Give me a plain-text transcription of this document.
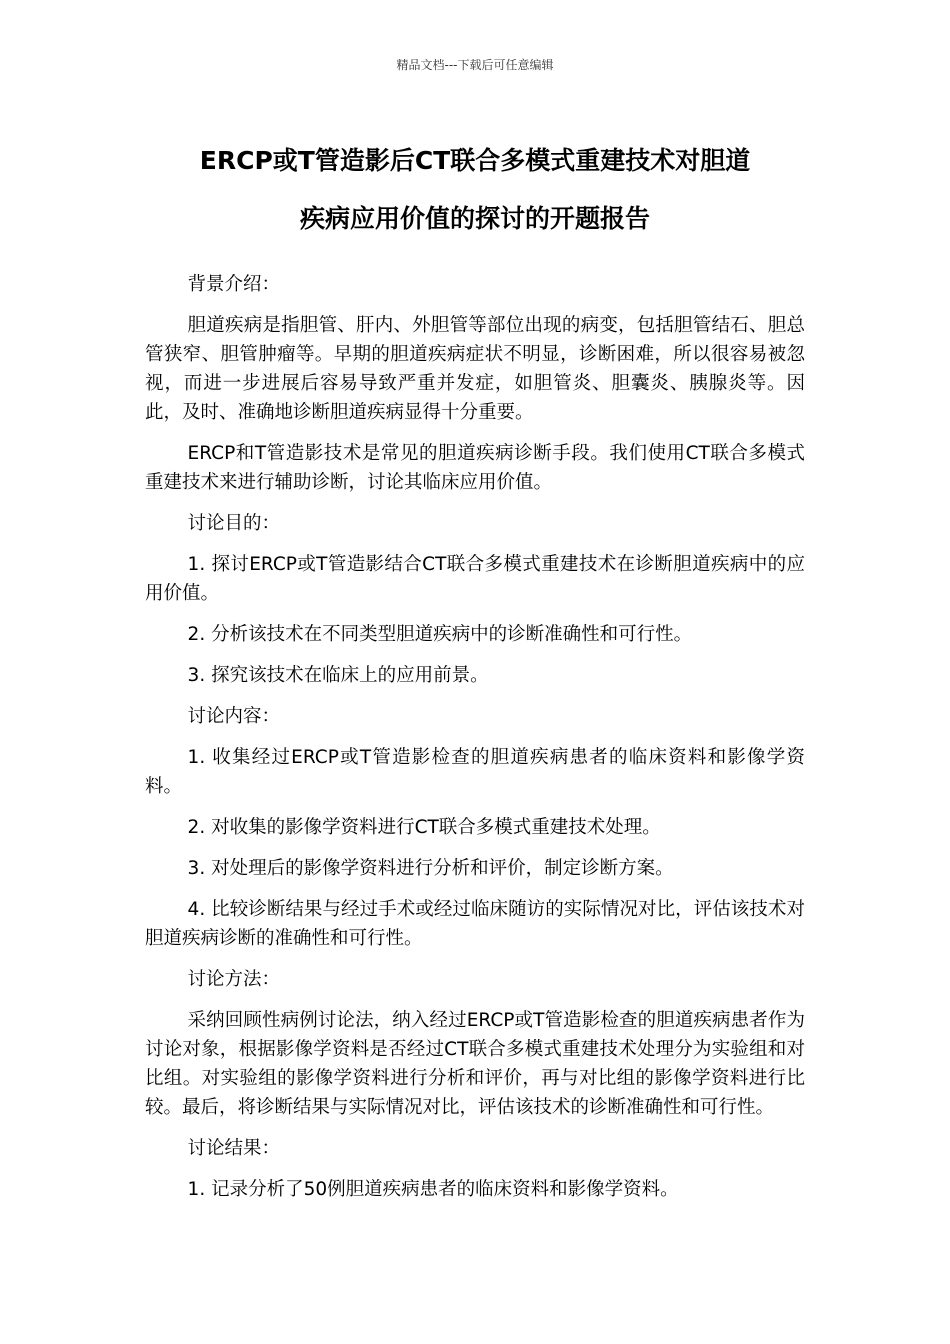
精品文档---下载后可任意编辑
ERCP或T管造影后CT联合多模式重建技术对胆道
疾病应用价值的探讨的开题报告

背景介绍：

胆道疾病是指胆管、肝内、外胆管等部位出现的病变，包括胆管结石、胆总管狭窄、胆管肿瘤等。早期的胆道疾病症状不明显，诊断困难，所以很容易被忽视，而进一步进展后容易导致严重并发症，如胆管炎、胆囊炎、胰腺炎等。因此，及时、准确地诊断胆道疾病显得十分重要。

ERCP和T管造影技术是常见的胆道疾病诊断手段。我们使用CT联合多模式重建技术来进行辅助诊断，讨论其临床应用价值。

讨论目的：

1. 探讨ERCP或T管造影结合CT联合多模式重建技术在诊断胆道疾病中的应用价值。

2. 分析该技术在不同类型胆道疾病中的诊断准确性和可行性。

3. 探究该技术在临床上的应用前景。

讨论内容：

1. 收集经过ERCP或T管造影检查的胆道疾病患者的临床资料和影像学资料。

2. 对收集的影像学资料进行CT联合多模式重建技术处理。

3. 对处理后的影像学资料进行分析和评价，制定诊断方案。

4. 比较诊断结果与经过手术或经过临床随访的实际情况对比，评估该技术对胆道疾病诊断的准确性和可行性。

讨论方法：

采纳回顾性病例讨论法，纳入经过ERCP或T管造影检查的胆道疾病患者作为讨论对象，根据影像学资料是否经过CT联合多模式重建技术处理分为实验组和对比组。对实验组的影像学资料进行分析和评价，再与对比组的影像学资料进行比较。最后，将诊断结果与实际情况对比，评估该技术的诊断准确性和可行性。

讨论结果：

1. 记录分析了50例胆道疾病患者的临床资料和影像学资料。
